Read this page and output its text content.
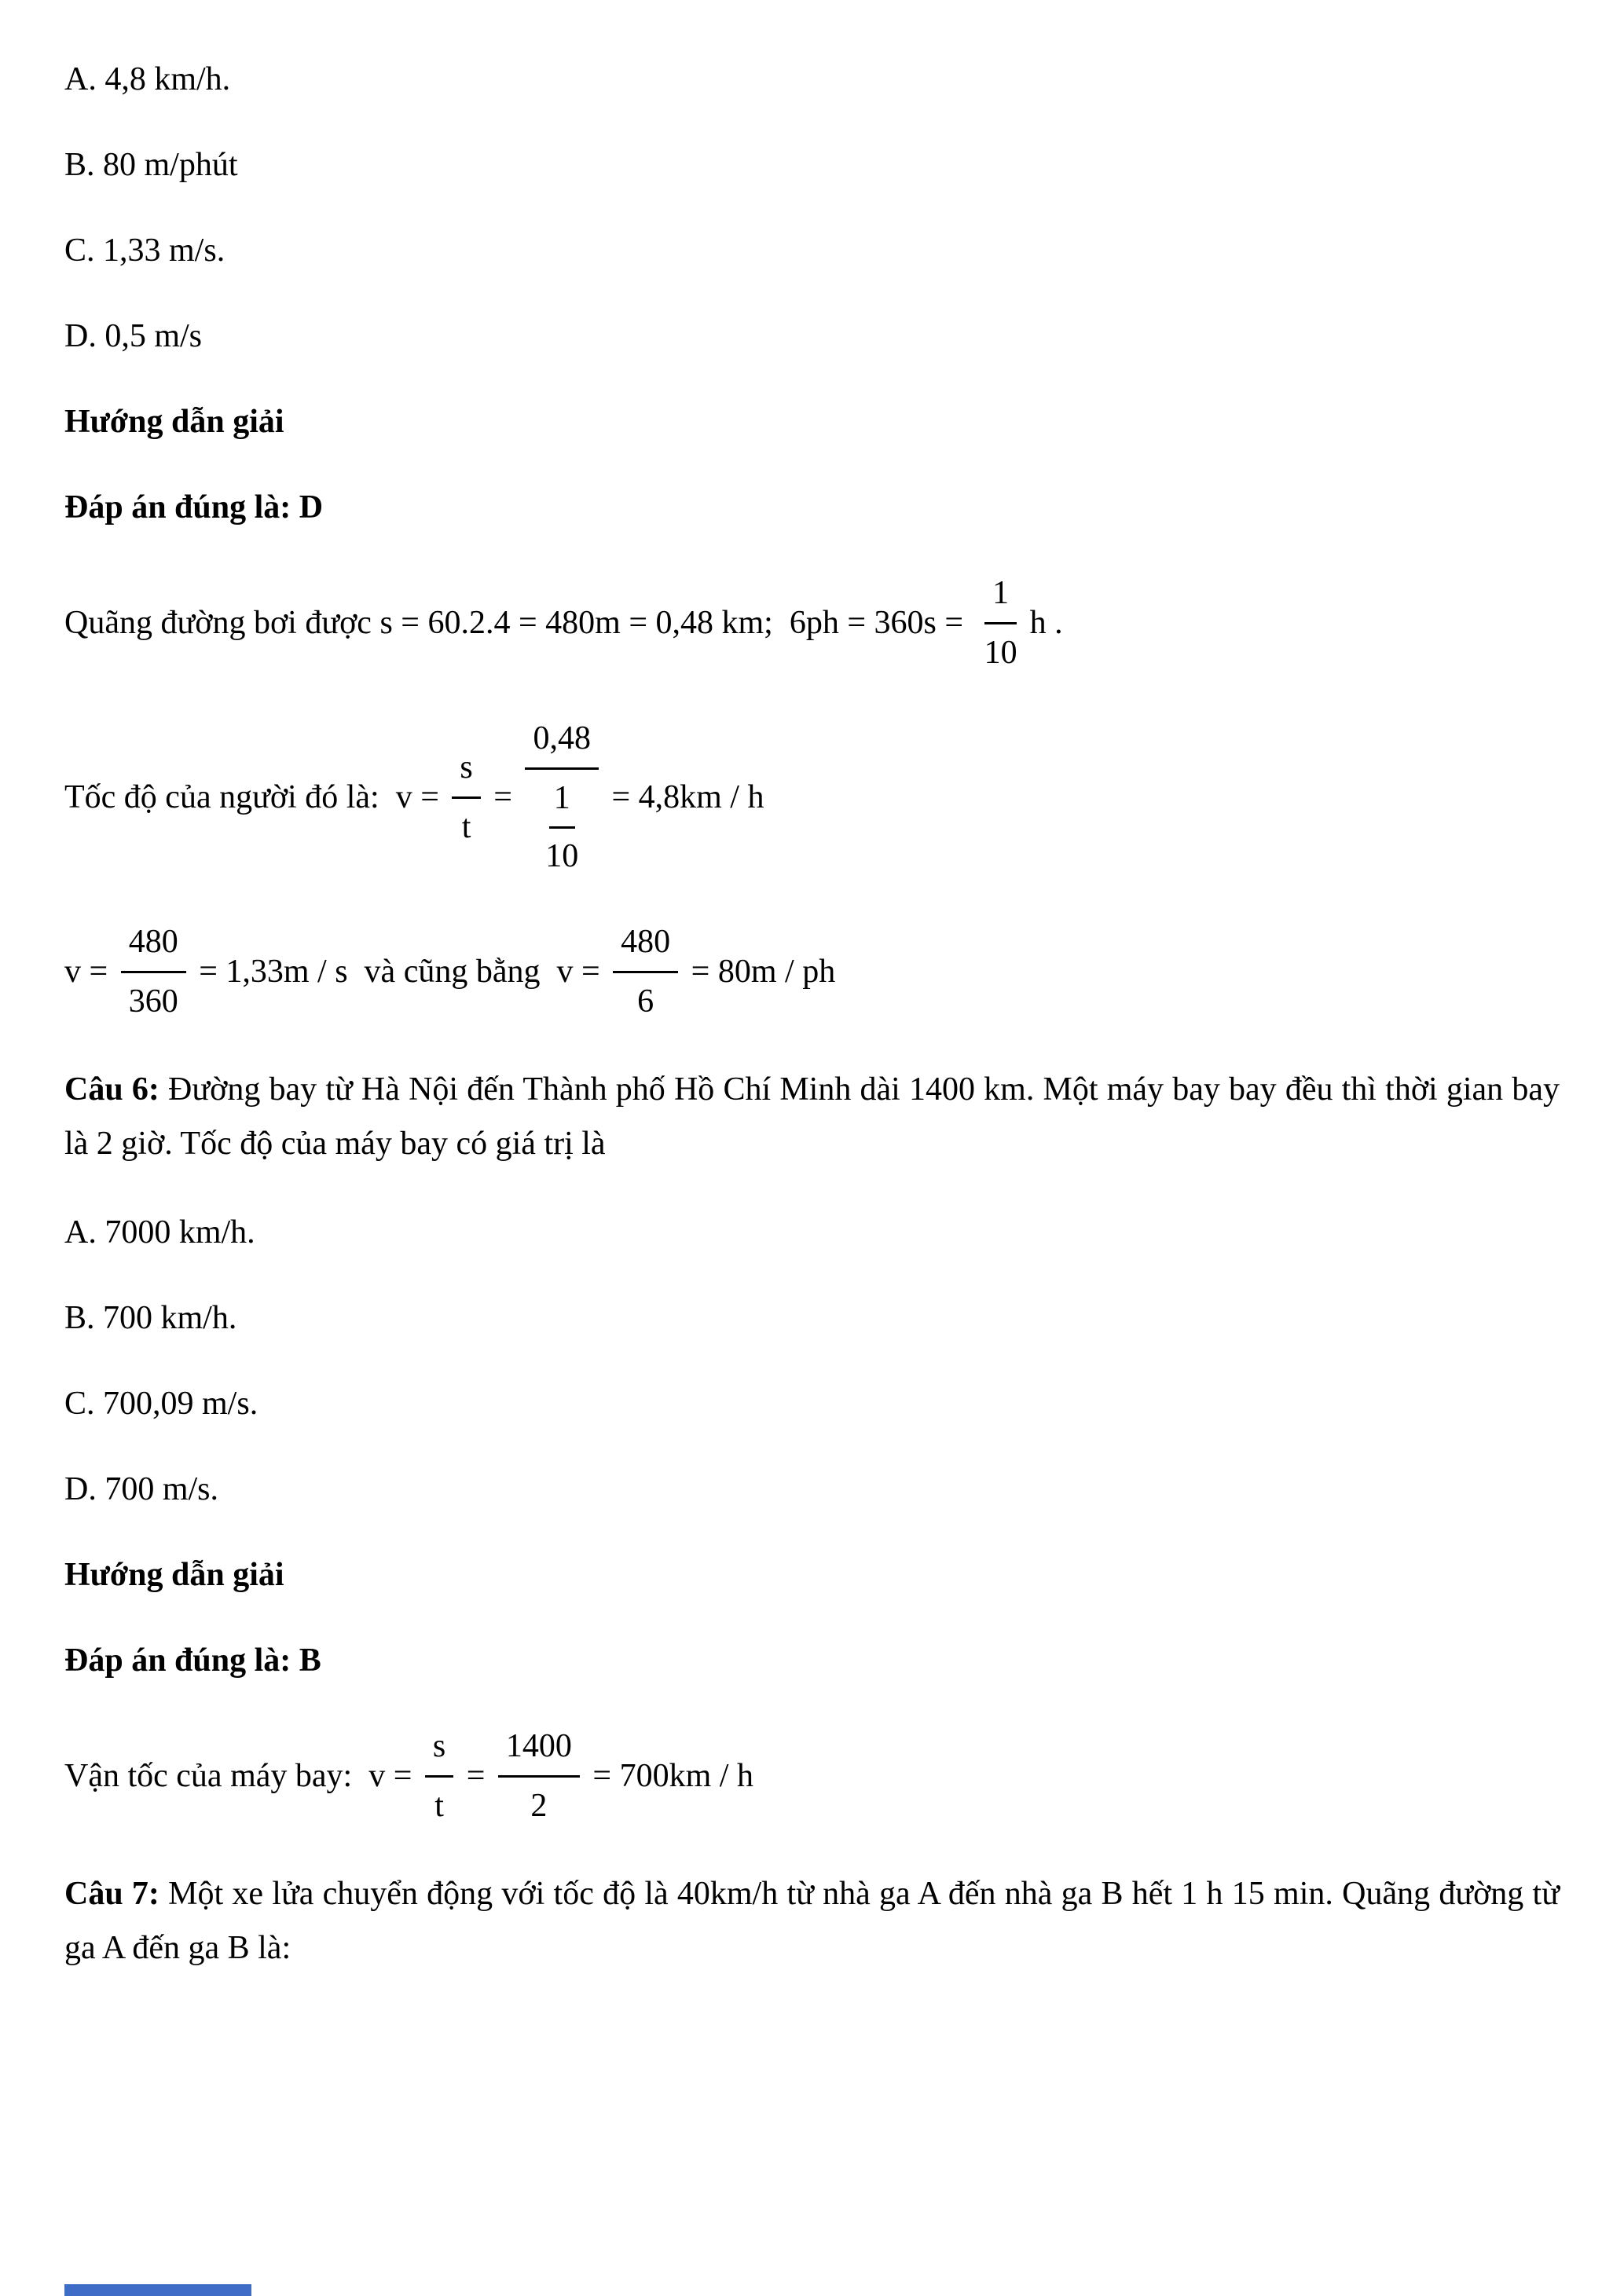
A. 4,8 km/h.

B. 80 m/phút

C. 1,33 m/s.

D. 0,5 m/s

Hướng dẫn giải

Đáp án đúng là: D

Quãng đường bơi được s = 60.2.4 = 480m = 0,48 km;  $6ph = 360s = \frac{1}{10}$ h .
Tốc độ của người đó là:  $v = \frac{s}{t} = \frac{0,48}{\frac{1}{10}} = 4,8km / h$
$v = \frac{480}{360} = 1,33m / s$  và cũng bằng  $v = \frac{480}{6} = 80m$ / ph

Câu 6: Đường bay từ Hà Nội đến Thành phố Hồ Chí Minh dài 1400 km. Một máy bay bay đều thì thời gian bay là 2 giờ. Tốc độ của máy bay có giá trị là

A. 7000 km/h.

B. 700 km/h.

C. 700,09 m/s.

D. 700 m/s.

Hướng dẫn giải

Đáp án đúng là: B

Vận tốc của máy bay:  $v = \frac{s}{t} = \frac{1400}{2} = 700km / h$

Câu 7: Một xe lửa chuyển động với tốc độ là 40km/h từ nhà ga A đến nhà ga B hết 1 h 15 min. Quãng đường từ ga A đến ga B là:
